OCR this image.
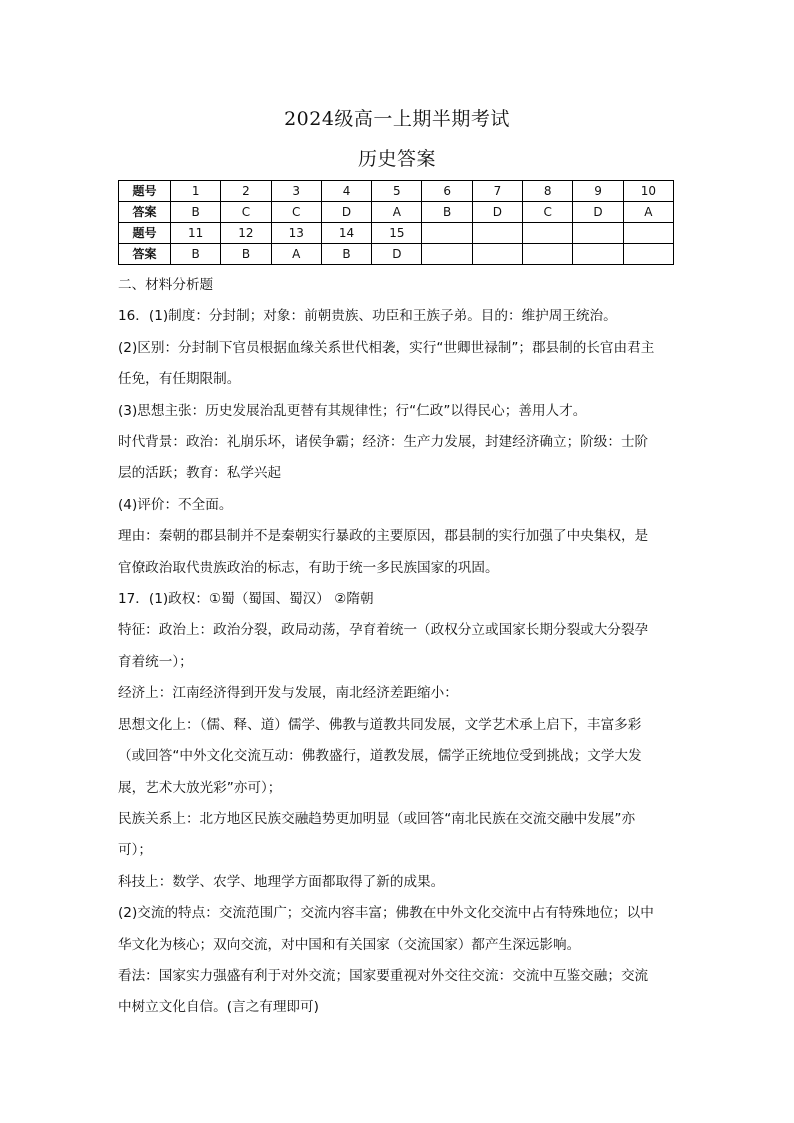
2024级高一上期半期考试
历史答案
题号	1	2	3	4	5	6	7	8	9	10
答案	B	C	C	D	A	B	D	C	D	A
题号	11	12	13	14	15					
答案	B	B	A	B	D					

二、材料分析题

16．(1)制度：分封制；对象：前朝贵族、功臣和王族子弟。目的：维护周王统治。

(2)区别：分封制下官员根据血缘关系世代相袭，实行“世卿世禄制”；郡县制的长官由君主

任免，有任期限制。

(3)思想主张：历史发展治乱更替有其规律性；行“仁政”以得民心；善用人才。

时代背景：政治：礼崩乐坏，诸侯争霸；经济：生产力发展，封建经济确立；阶级：士阶

层的活跃；教育：私学兴起

(4)评价：不全面。

理由：秦朝的郡县制并不是秦朝实行暴政的主要原因，郡县制的实行加强了中央集权，是

官僚政治取代贵族政治的标志，有助于统一多民族国家的巩固。

17．(1)政权：①蜀（蜀国、蜀汉） ②隋朝

特征：政治上：政治分裂，政局动荡，孕育着统一（政权分立或国家长期分裂或大分裂孕

育着统一）；

经济上：江南经济得到开发与发展，南北经济差距缩小：

思想文化上：（儒、释、道）儒学、佛教与道教共同发展，文学艺术承上启下，丰富多彩

（或回答“中外文化交流互动：佛教盛行，道教发展，儒学正统地位受到挑战；文学大发

展，艺术大放光彩”亦可）；

民族关系上：北方地区民族交融趋势更加明显（或回答“南北民族在交流交融中发展”亦

可）；

科技上：数学、农学、地理学方面都取得了新的成果。

(2)交流的特点：交流范围广；交流内容丰富；佛教在中外文化交流中占有特殊地位；以中

华文化为核心；双向交流，对中国和有关国家（交流国家）都产生深远影响。

看法：国家实力强盛有利于对外交流；国家要重视对外交往交流：交流中互鉴交融；交流

中树立文化自信。(言之有理即可)
